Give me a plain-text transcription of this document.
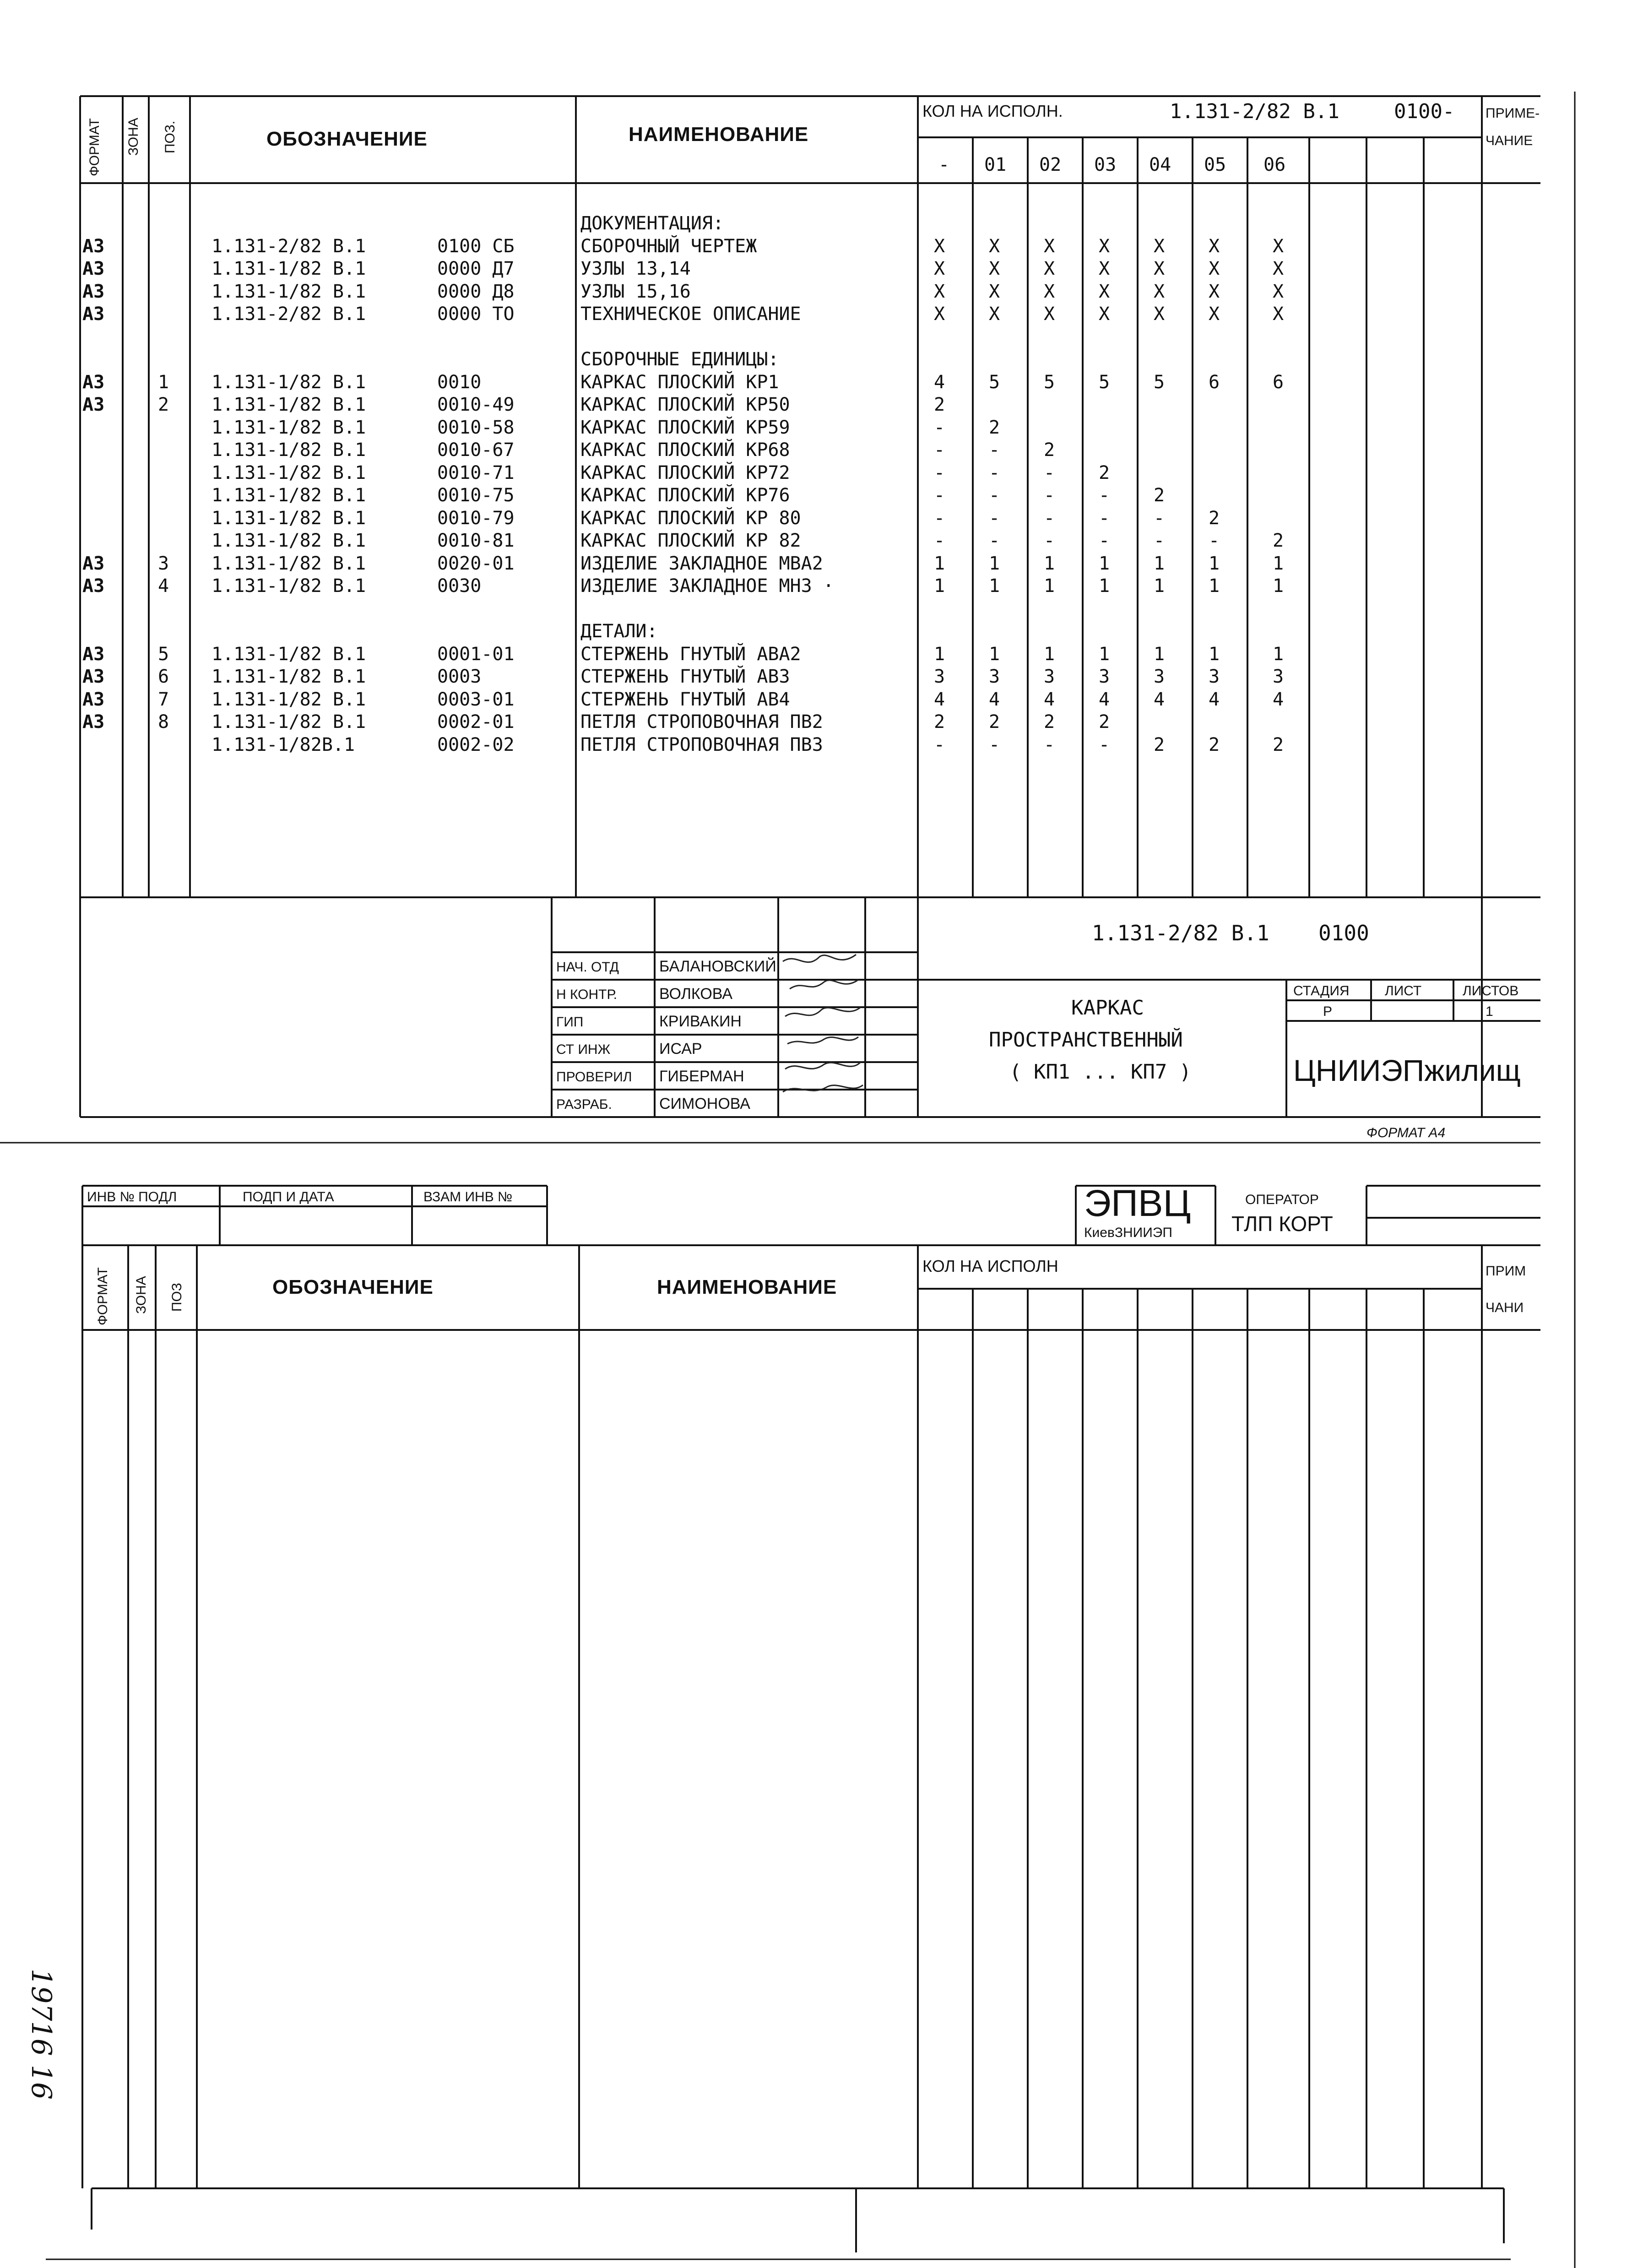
ФОРМАТ ЗОНА ПОЗ.	ОБОЗНАЧЕНИЕ	НАИМЕНОВАНИЕ
КОЛ НА ИСПОЛН.	1.131-2/82 В.1	0100- ПРИМЕ-
ЧАНИЕ
- 01 02 03 04 05 06
ДОКУМЕНТАЦИЯ:
А3	1.131-2/82 В.1	0100 СБ	СБОРОЧНЫЙ ЧЕРТЕЖ	Х Х Х Х Х Х	Х
А3	1.131-1/82 В.1	0000 Д7	УЗЛЫ 13,14	Х Х Х Х Х Х	Х
А3	1.131-1/82 В.1	0000 Д8	УЗЛЫ 15,16	Х Х Х Х Х Х	Х
А3	1.131-2/82 В.1	0000 ТО	ТЕХНИЧЕСКОЕ ОПИСАНИЕ	Х Х Х Х Х Х	Х
СБОРОЧНЫЕ ЕДИНИЦЫ:
А3	1 1.131-1/82 В.1	0010	КАРКАС ПЛОСКИЙ КР1	4 5 5 5 5 6	6
А3	2 1.131-1/82 В.1	0010-49	КАРКАС ПЛОСКИЙ КР50	2
1.131-1/82 В.1	0010-58	КАРКАС ПЛОСКИЙ КР59	- 2
1.131-1/82 В.1	0010-67	КАРКАС ПЛОСКИЙ КР68	- - 2
1.131-1/82 В.1	0010-71	КАРКАС ПЛОСКИЙ КР72	- - - 2
1.131-1/82 В.1	0010-75	КАРКАС ПЛОСКИЙ КР76	- - - - 2
1.131-1/82 В.1	0010-79	КАРКАС ПЛОСКИЙ КР 80	- - - - - 2
1.131-1/82 В.1	0010-81	КАРКАС ПЛОСКИЙ КР 82	- - - - - -	2
А3	3 1.131-1/82 В.1	0020-01	ИЗДЕЛИЕ ЗАКЛАДНОЕ МВА2	1 1 1 1 1 1	1
А3	4 1.131-1/82 В.1	0030	ИЗДЕЛИЕ ЗАКЛАДНОЕ МН3 ·	1 1 1 1 1 1	1
ДЕТАЛИ:
А3	5 1.131-1/82 В.1	0001-01	СТЕРЖЕНЬ ГНУТЫЙ АВА2	1 1 1 1 1 1	1
А3	6 1.131-1/82 В.1	0003	СТЕРЖЕНЬ ГНУТЫЙ АВ3	3 3 3 3 3 3	3
А3	7 1.131-1/82 В.1	0003-01	СТЕРЖЕНЬ ГНУТЫЙ АВ4	4 4 4 4 4 4	4
А3	8 1.131-1/82 В.1	0002-01	ПЕТЛЯ СТРОПОВОЧНАЯ ПВ2	2 2 2 2
1.131-1/82В.1	0002-02	ПЕТЛЯ СТРОПОВОЧНАЯ ПВ3	- - - - 2 2	2
1.131-2/82 В.1 0100
КАРКАС
ПРОСТРАНСТВЕННЫЙ
( КП1 ... КП7 )
СТАДИЯ	ЛИСТ	ЛИСТОВ
Р	1
ЦНИИЭПжилищ
ФОРМАТ А4
НАЧ. ОТД	БАЛАНОВСКИЙ
Н КОНТР.	ВОЛКОВА
ГИП	КРИВАКИН
СТ ИНЖ	ИСАР
ПРОВЕРИЛ ГИБЕРМАН
РАЗРАБ.	СИМОНОВА
ИНВ № ПОДЛ	ПОДП И ДАТА	ВЗАМ ИНВ №	ЭПВЦ
КиевЗНИИЭП
ОПЕРАТОР
ТЛП КОРТ
ФОРМАТ ЗОНА ПОЗ	ОБОЗНАЧЕНИЕ	НАИМЕНОВАНИЕ
КОЛ НА ИСПОЛН	ПРИМ
ЧАНИ
19716 16
